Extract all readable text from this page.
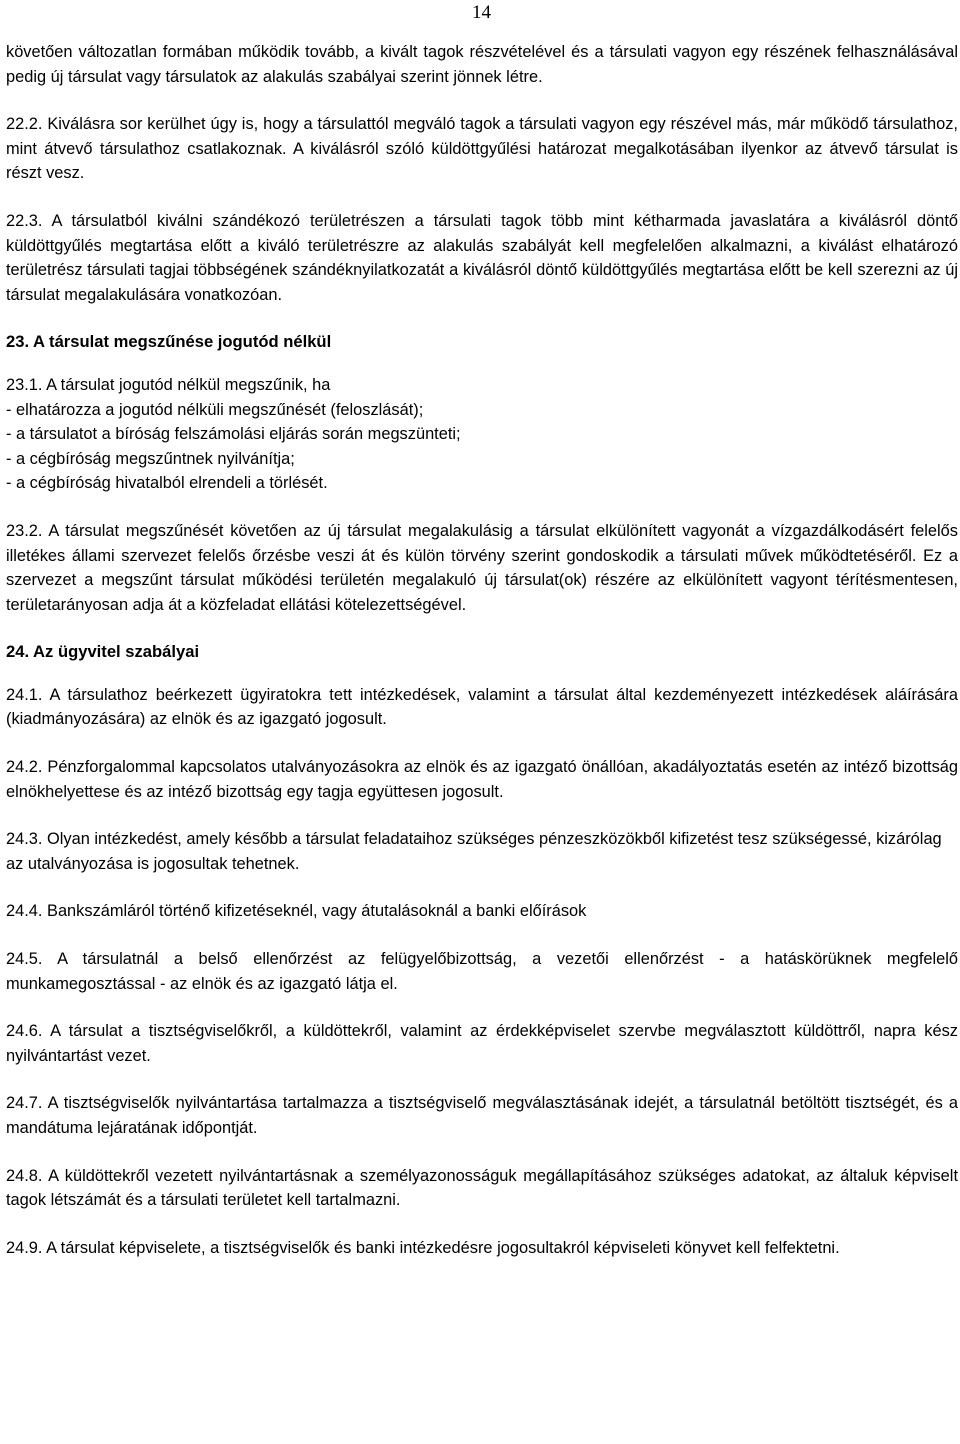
14

követően változatlan formában működik tovább, a kivált tagok részvételével és a társulati vagyon egy részének felhasználásával pedig új társulat vagy társulatok az alakulás szabályai szerint jönnek létre.

22.2. Kiválásra sor kerülhet úgy is, hogy a társulattól megváló tagok a társulati vagyon egy részével más, már működő társulathoz, mint átvevő társulathoz csatlakoznak. A kiválásról szóló küldöttgyűlési határozat megalkotásában ilyenkor az átvevő társulat is részt vesz.

22.3. A társulatból kiválni szándékozó területrészen a társulati tagok több mint kétharmada javaslatára a kiválásról döntő küldöttgyűlés megtartása előtt a kiváló területrészre az alakulás szabályát kell megfelelően alkalmazni, a kiválást elhatározó területrész társulati tagjai többségének szándéknyilatkozatát a kiválásról döntő küldöttgyűlés megtartása előtt be kell szerezni az új társulat megalakulására vonatkozóan.

23. A társulat megszűnése jogutód nélkül

23.1. A társulat jogutód nélkül megszűnik, ha

- elhatározza a jogutód nélküli megszűnését (feloszlását);

- a társulatot a bíróság felszámolási eljárás során megszünteti;

- a cégbíróság megszűntnek nyilvánítja;

- a cégbíróság hivatalból elrendeli a törlését.

23.2. A társulat megszűnését követően az új társulat megalakulásig a társulat elkülönített vagyonát a vízgazdálkodásért felelős illetékes állami szervezet felelős őrzésbe veszi át és külön törvény szerint gondoskodik a társulati művek működtetéséről. Ez a szervezet a megszűnt társulat működési területén megalakuló új társulat(ok) részére az elkülönített vagyont térítésmentesen, területarányosan adja át a közfeladat ellátási kötelezettségével.

24. Az ügyvitel szabályai

24.1. A társulathoz beérkezett ügyiratokra tett intézkedések, valamint a társulat által kezdeményezett intézkedések aláírására (kiadmányozására) az elnök és az igazgató jogosult.

24.2. Pénzforgalommal kapcsolatos utalványozásokra az elnök és az igazgató önállóan, akadályoztatás esetén az intéző bizottság elnökhelyettese és az intéző bizottság egy tagja együttesen jogosult.

24.3. Olyan intézkedést, amely később a társulat feladataihoz szükséges pénzeszközökből kifizetést tesz szükségessé, kizárólag az utalványozása is jogosultak tehetnek.

24.4. Bankszámláról történő kifizetéseknél, vagy átutalásoknál a banki előírások

24.5. A társulatnál a belső ellenőrzést az felügyelőbizottság, a vezetői ellenőrzést - a hatáskörüknek megfelelő munkamegosztással - az elnök és az igazgató látja el.

24.6. A társulat a tisztségviselőkről, a küldöttekről, valamint az érdekképviselet szervbe megválasztott küldöttről, napra kész nyilvántartást vezet.

24.7. A tisztségviselők nyilvántartása tartalmazza a tisztségviselő megválasztásának idejét, a társulatnál betöltött tisztségét, és a mandátuma lejáratának időpontját.

24.8. A küldöttekről vezetett nyilvántartásnak a személyazonosságuk megállapításához szükséges adatokat, az általuk képviselt tagok létszámát és a társulati területet kell tartalmazni.

24.9. A társulat képviselete, a tisztségviselők és banki intézkedésre jogosultakról képviseleti könyvet kell felfektetni.
